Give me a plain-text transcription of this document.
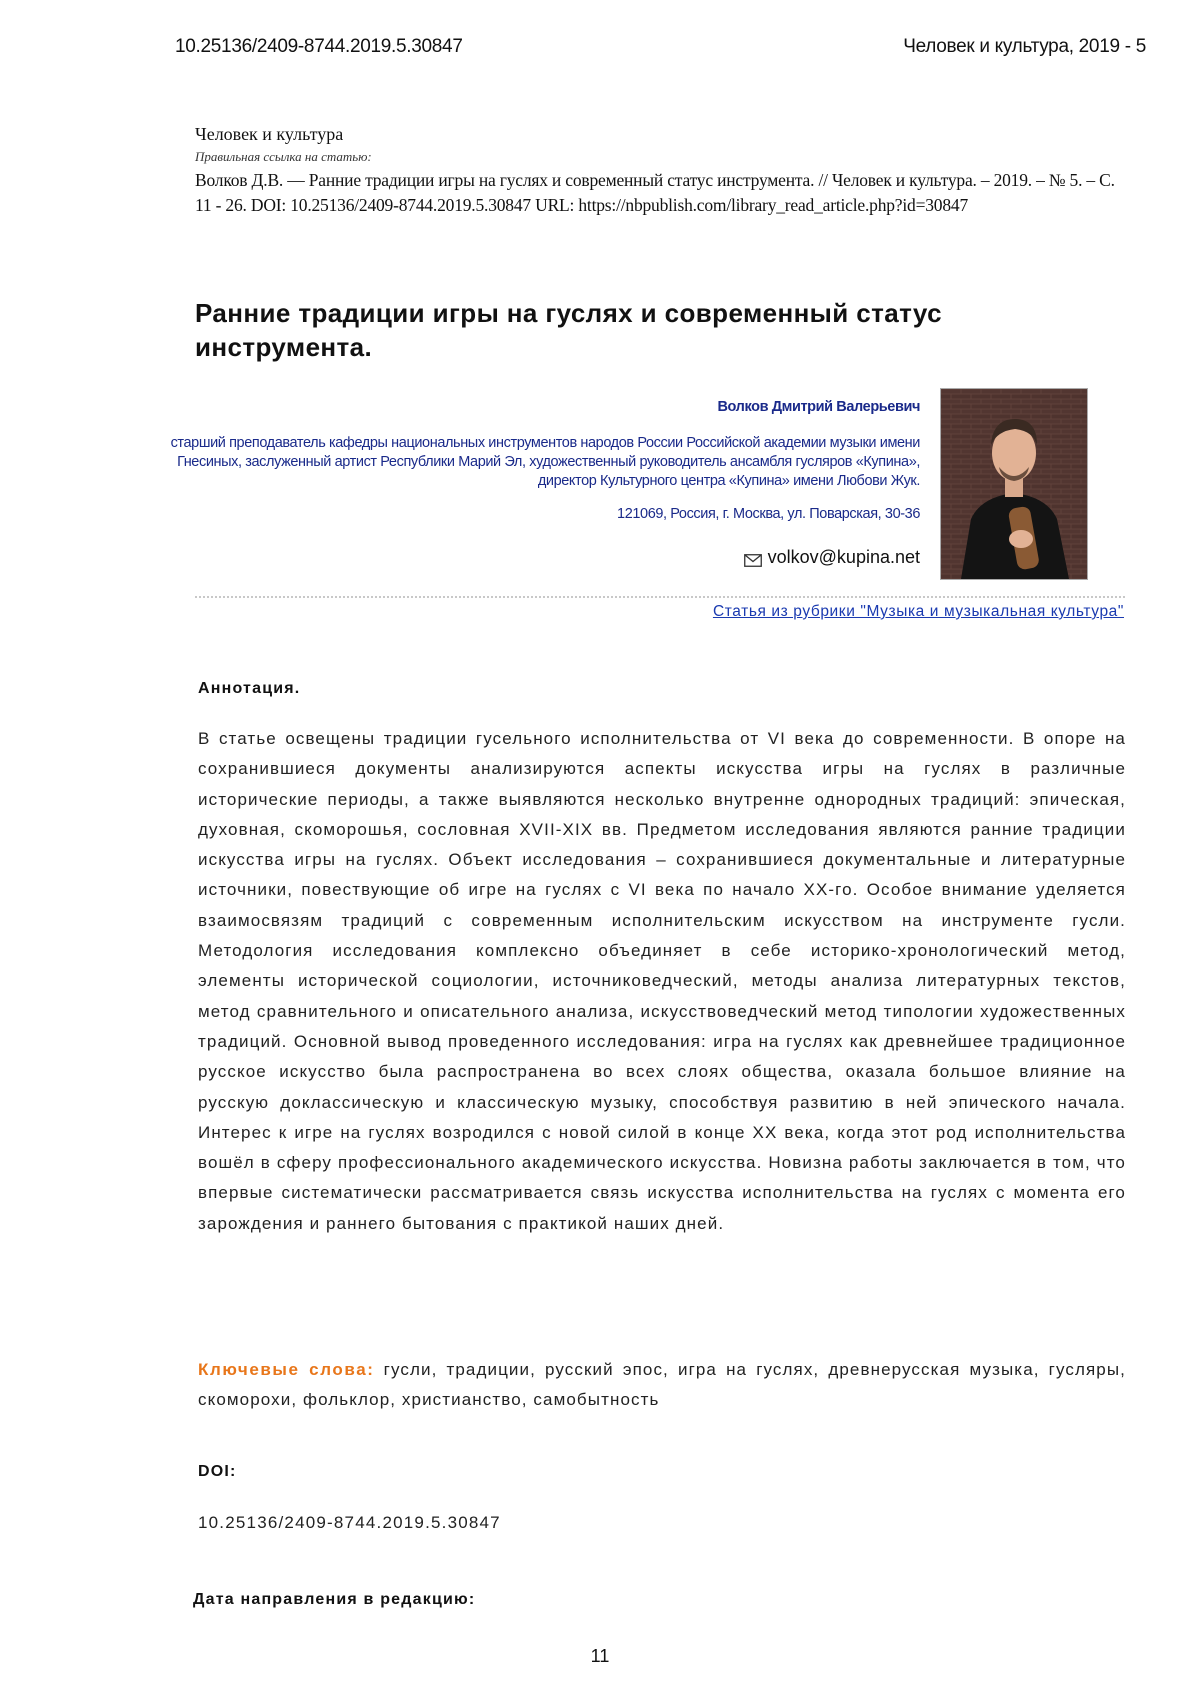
10.25136/2409-8744.2019.5.30847	Человек и культура, 2019 - 5
Человек и культура
Правильная ссылка на статью:
Волков Д.В. — Ранние традиции игры на гуслях и современный статус инструмента. // Человек и культура. – 2019. – № 5. – С. 11 - 26. DOI: 10.25136/2409-8744.2019.5.30847 URL: https://nbpublish.com/library_read_article.php?id=30847
Ранние традиции игры на гуслях и современный статус инструмента.
Волков Дмитрий Валерьевич
старший преподаватель кафедры национальных инструментов народов России Российской академии музыки имени Гнесиных, заслуженный артист Республики Марий Эл, художественный руководитель ансамбля гусляров «Купина», директор Культурного центра «Купина» имени Любови Жук.
121069, Россия, г. Москва, ул. Поварская, 30-36
volkov@kupina.net
Статья из рубрики "Музыка и музыкальная культура"
Аннотация.
В статье освещены традиции гусельного исполнительства от VI века до современности. В опоре на сохранившиеся документы анализируются аспекты искусства игры на гуслях в различные исторические периоды, а также выявляются несколько внутренне однородных традиций: эпическая, духовная, скоморошья, сословная XVII-XIX вв. Предметом исследования являются ранние традиции искусства игры на гуслях. Объект исследования – сохранившиеся документальные и литературные источники, повествующие об игре на гуслях с VI века по начало XX-го. Особое внимание уделяется взаимосвязям традиций с современным исполнительским искусством на инструменте гусли. Методология исследования комплексно объединяет в себе историко-хронологический метод, элементы исторической социологии, источниковедческий, методы анализа литературных текстов, метод сравнительного и описательного анализа, искусствоведческий метод типологии художественных традиций. Основной вывод проведенного исследования: игра на гуслях как древнейшее традиционное русское искусство была распространена во всех слоях общества, оказала большое влияние на русскую доклассическую и классическую музыку, способствуя развитию в ней эпического начала. Интерес к игре на гуслях возродился с новой силой в конце XX века, когда этот род исполнительства вошёл в сферу профессионального академического искусства. Новизна работы заключается в том, что впервые систематически рассматривается связь искусства исполнительства на гуслях с момента его зарождения и раннего бытования с практикой наших дней.
Ключевые слова: гусли, традиции, русский эпос, игра на гуслях, древнерусская музыка, гусляры, скоморохи, фольклор, христианство, самобытность
DOI:
10.25136/2409-8744.2019.5.30847
Дата направления в редакцию:
11
